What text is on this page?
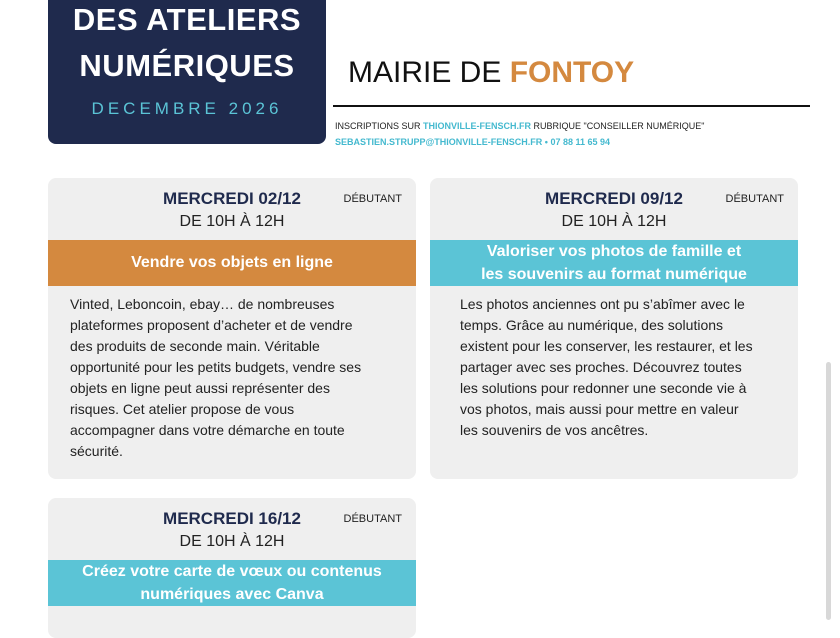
DES ATELIERS
NUMÉRIQUES
DECEMBRE 2026
MAIRIE DE FONTOY
INSCRIPTIONS SUR THIONVILLE-FENSCH.FR RUBRIQUE "CONSEILLER NUMÉRIQUE"
SEBASTIEN.STRUPP@THIONVILLE-FENSCH.FR • 07 88 11 65 94
MERCREDI 02/12	DÉBUTANT
DE 10H À 12H
Vendre vos objets en ligne
Vinted, Leboncoin, ebay… de nombreuses
plateformes proposent d’acheter et de vendre
des produits de seconde main. Véritable
opportunité pour les petits budgets, vendre ses
objets en ligne peut aussi représenter des
risques. Cet atelier propose de vous
accompagner dans votre démarche en toute
sécurité.
MERCREDI 09/12	DÉBUTANT
DE 10H À 12H
Valoriser vos photos de famille et
les souvenirs au format numérique
Les photos anciennes ont pu s’abîmer avec le
temps. Grâce au numérique, des solutions
existent pour les conserver, les restaurer, et les
partager avec ses proches. Découvrez toutes
les solutions pour redonner une seconde vie à
vos photos, mais aussi pour mettre en valeur
les souvenirs de vos ancêtres.
MERCREDI 16/12	DÉBUTANT
DE 10H À 12H
Créez votre carte de vœux ou contenus
numériques avec Canva
